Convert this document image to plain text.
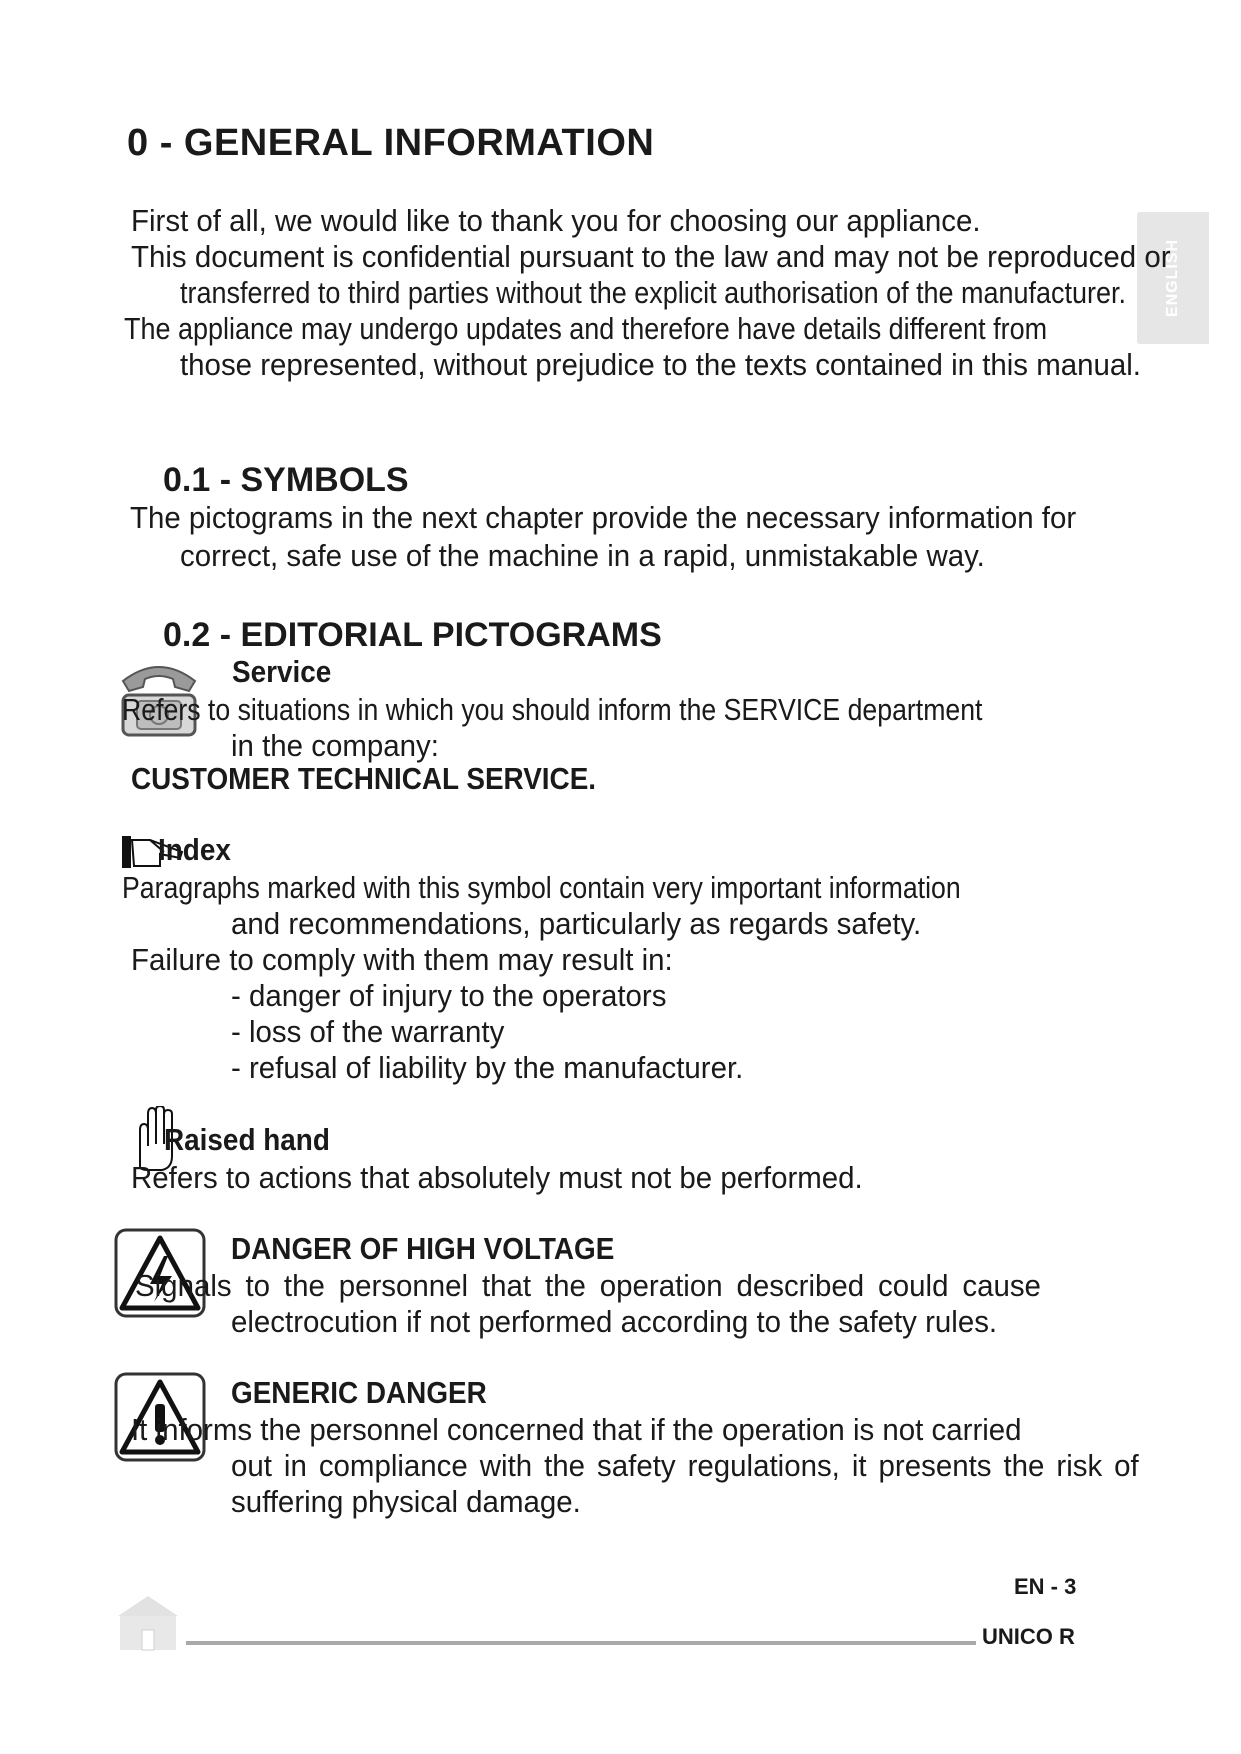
ENGLISH
0 - GENERAL INFORMATION
First of all, we would like to thank you for choosing our appliance.
This document is confidential pursuant to the law and may not be reproduced or
transferred to third parties without the explicit authorisation of the manufacturer.
The appliance may undergo updates and therefore have details different from
those represented, without prejudice to the texts contained in this manual.
0.1 - SYMBOLS
The pictograms in the next chapter provide the necessary information for
correct, safe use of the machine in a rapid, unmistakable way.
0.2 - EDITORIAL PICTOGRAMS
Service
Refers to situations in which you should inform the SERVICE department
in the company:
CUSTOMER TECHNICAL SERVICE.
Index
Paragraphs marked with this symbol contain very important information
and recommendations, particularly as regards safety.
Failure to comply with them may result in:
- danger of injury to the operators
- loss of the warranty
- refusal of liability by the manufacturer.
Raised hand
Refers to actions that absolutely must not be performed.
DANGER OF HIGH VOLTAGE
Signals to the personnel that the operation described could cause
electrocution if not performed according to the safety rules.
GENERIC DANGER
It informs the personnel concerned that if the operation is not carried
out in compliance with the safety regulations, it presents the risk of
suffering physical damage.
EN - 3
UNICO R
